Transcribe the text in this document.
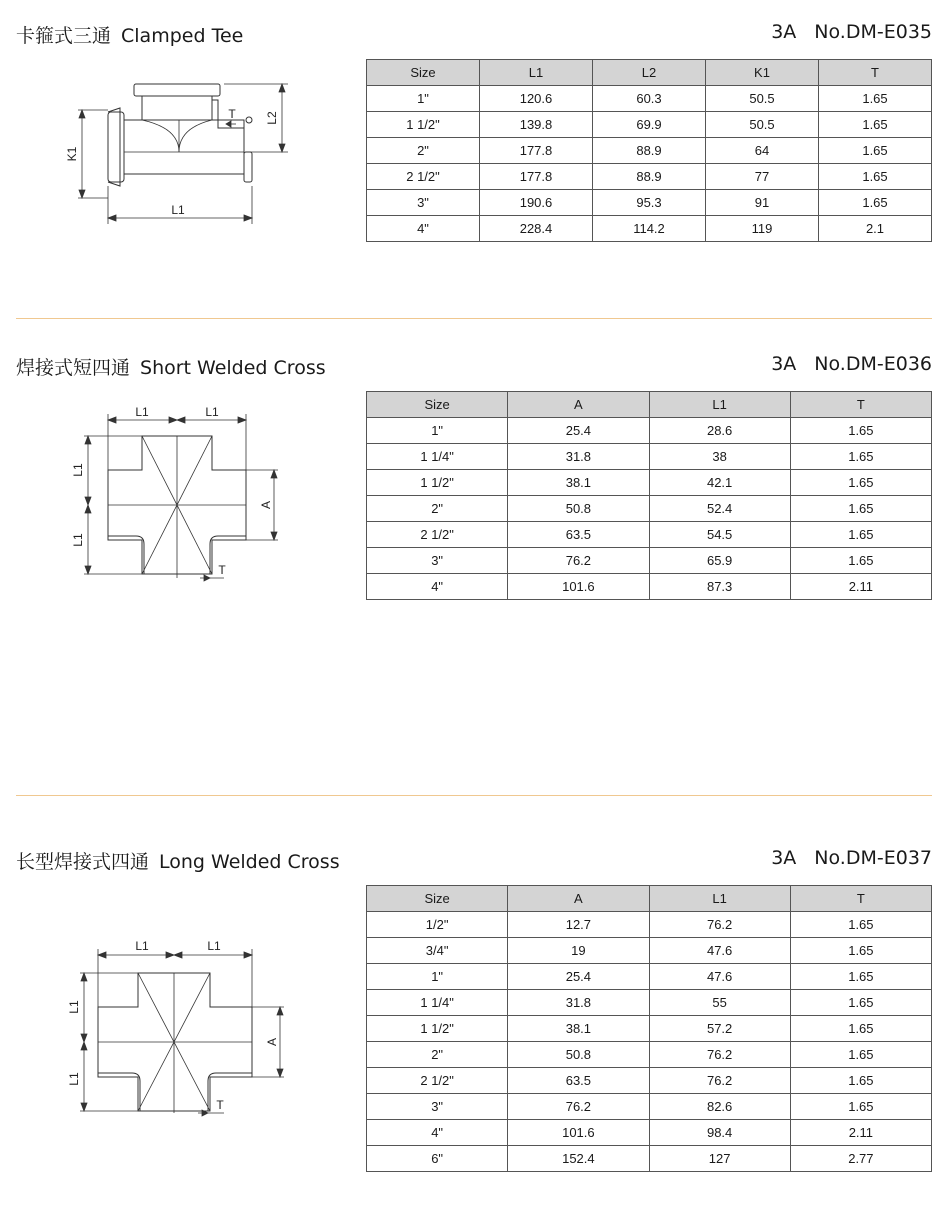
卡箍式三通 Clamped Tee	3A No.DM-E035
K1
L1
L2
T
Size	L1	L2	K1	T
1"	120.6	60.3	50.5	1.65
1 1/2"	139.8	69.9	50.5	1.65
2"	177.8	88.9	64	1.65
2 1/2"	177.8	88.9	77	1.65
3"	190.6	95.3	91	1.65
4"	228.4	114.2	119	2.1
焊接式短四通 Short Welded Cross	3A No.DM-E036
L1	L1
L1
L1
A
T
Size	A	L1	T
1"	25.4	28.6	1.65
1 1/4"	31.8	38	1.65
1 1/2"	38.1	42.1	1.65
2"	50.8	52.4	1.65
2 1/2"	63.5	54.5	1.65
3"	76.2	65.9	1.65
4"	101.6	87.3	2.11
长型焊接式四通 Long Welded Cross	3A No.DM-E037
L1	L1
L1
L1
A
T
Size	A	L1	T
1/2"	12.7	76.2	1.65
3/4"	19	47.6	1.65
1"	25.4	47.6	1.65
1 1/4"	31.8	55	1.65
1 1/2"	38.1	57.2	1.65
2"	50.8	76.2	1.65
2 1/2"	63.5	76.2	1.65
3"	76.2	82.6	1.65
4"	101.6	98.4	2.11
6"	152.4	127	2.77
